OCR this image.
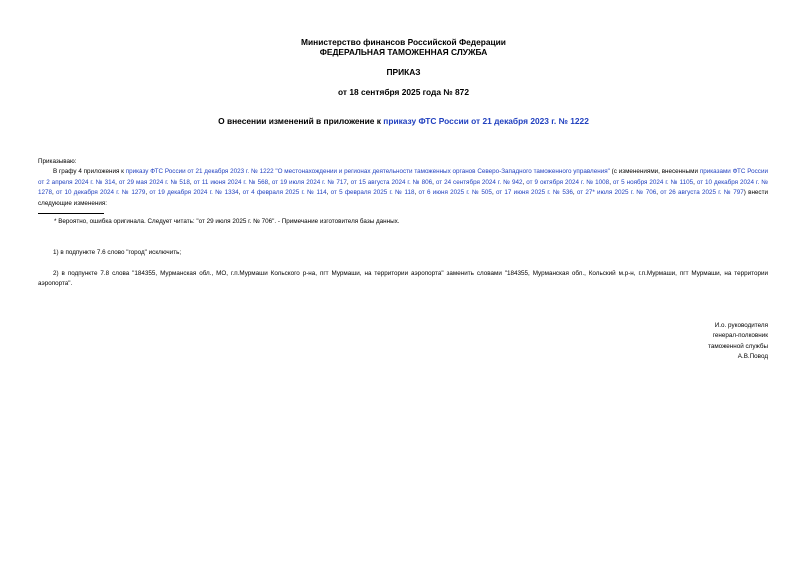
Министерство финансов Российской Федерации
ФЕДЕРАЛЬНАЯ ТАМОЖЕННАЯ СЛУЖБА
ПРИКАЗ
от 18 сентября 2025 года № 872
О внесении изменений в приложение к приказу ФТС России от 21 декабря 2023 г. № 1222
Приказываю:

В графу 4 приложения к приказу ФТС России от 21 декабря 2023 г. № 1222 "О местонахождении и регионах деятельности таможенных органов Северо-Западного таможенного управления" (с изменениями, внесенными приказами ФТС России от 2 апреля 2024 г. № 314, от 29 мая 2024 г. № 518, от 11 июня 2024 г. № 568, от 19 июля 2024 г. № 717, от 15 августа 2024 г. № 806, от 24 сентября 2024 г. № 942, от 9 октября 2024 г. № 1008, от 5 ноября 2024 г. № 1105, от 10 декабря 2024 г. № 1278, от 10 декабря 2024 г. № 1279, от 19 декабря 2024 г. № 1334, от 4 февраля 2025 г. № 114, от 5 февраля 2025 г. № 118, от 6 июня 2025 г. № 505, от 17 июня 2025 г. № 536, от 27* июля 2025 г. № 706, от 26 августа 2025 г. № 797) внести следующие изменения:

* Вероятно, ошибка оригинала. Следует читать: "от 29 июля 2025 г. № 706". - Примечание изготовителя базы данных.
1) в подпункте 7.6 слово "город" исключить;
2) в подпункте 7.8 слова "184355, Мурманская обл., МО, г.п.Мурмаши Кольского р-на, пгт Мурмаши, на территории аэропорта" заменить словами "184355, Мурманская обл., Кольский м.р-н, г.п.Мурмаши, пгт Мурмаши, на территории аэропорта".
И.о. руководителя
генерал-полковник
таможенной службы
А.В.Повод
